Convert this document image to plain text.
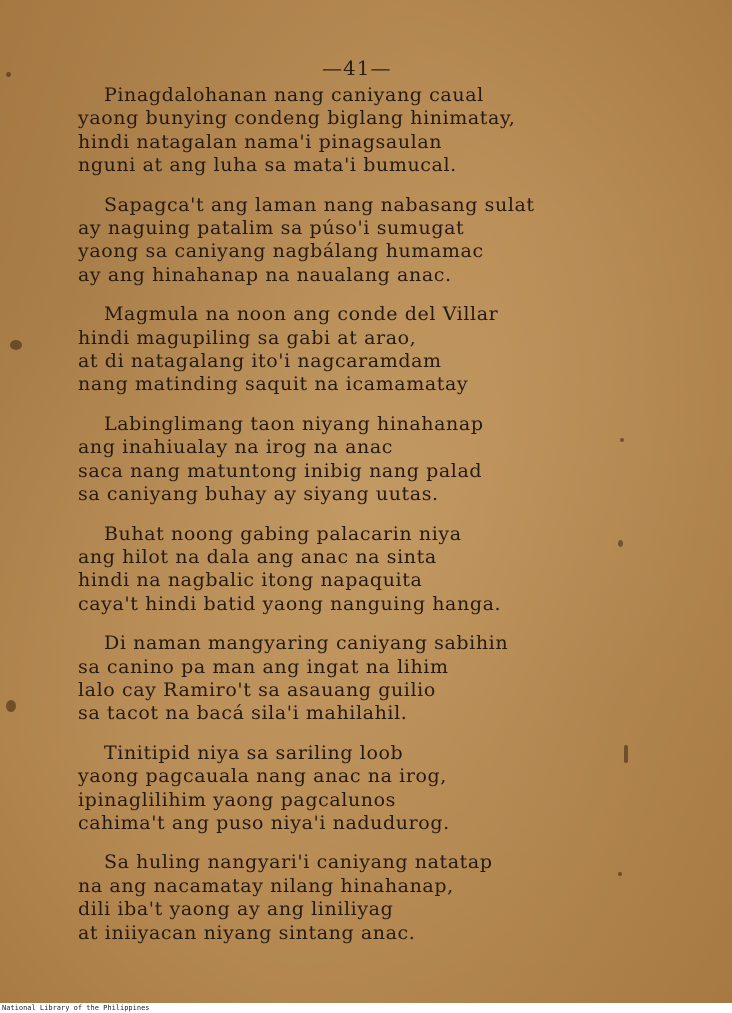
—41—
Pinagdalohanan nang caniyang caual
yaong bunying condeng biglang hinimatay,
hindi natagalan nama'i pinagsaulan
nguni at ang luha sa mata'i bumucal.
Sapagca't ang laman nang nabasang sulat
ay naguing patalim sa púso'i sumugat
yaong sa caniyang nagbálang humamac
ay ang hinahanap na naualang anac.
Magmula na noon ang conde del Villar
hindi magupiling sa gabi at arao,
at di natagalang ito'i nagcaramdam
nang matinding saquit na icamamatay
Labinglimang taon niyang hinahanap
ang inahiualay na irog na anac
saca nang matuntong inibig nang palad
sa caniyang buhay ay siyang uutas.
Buhat noong gabing palacarin niya
ang hilot na dala ang anac na sinta
hindi na nagbalic itong napaquita
caya't hindi batid yaong nanguing hanga.
Di naman mangyaring caniyang sabihin
sa canino pa man ang ingat na lihim
lalo cay Ramiro't sa asauang guilio
sa tacot na bacá sila'i mahilahil.
Tinitipid niya sa sariling loob
yaong pagcauala nang anac na irog,
ipinaglilihim yaong pagcalunos
cahima't ang puso niya'i nadudurog.
Sa huling nangyari'i caniyang natatap
na ang nacamatay nilang hinahanap,
dili iba't yaong ay ang liniliyag
at iniiyacan niyang sintang anac.
National Library of the Philippines
